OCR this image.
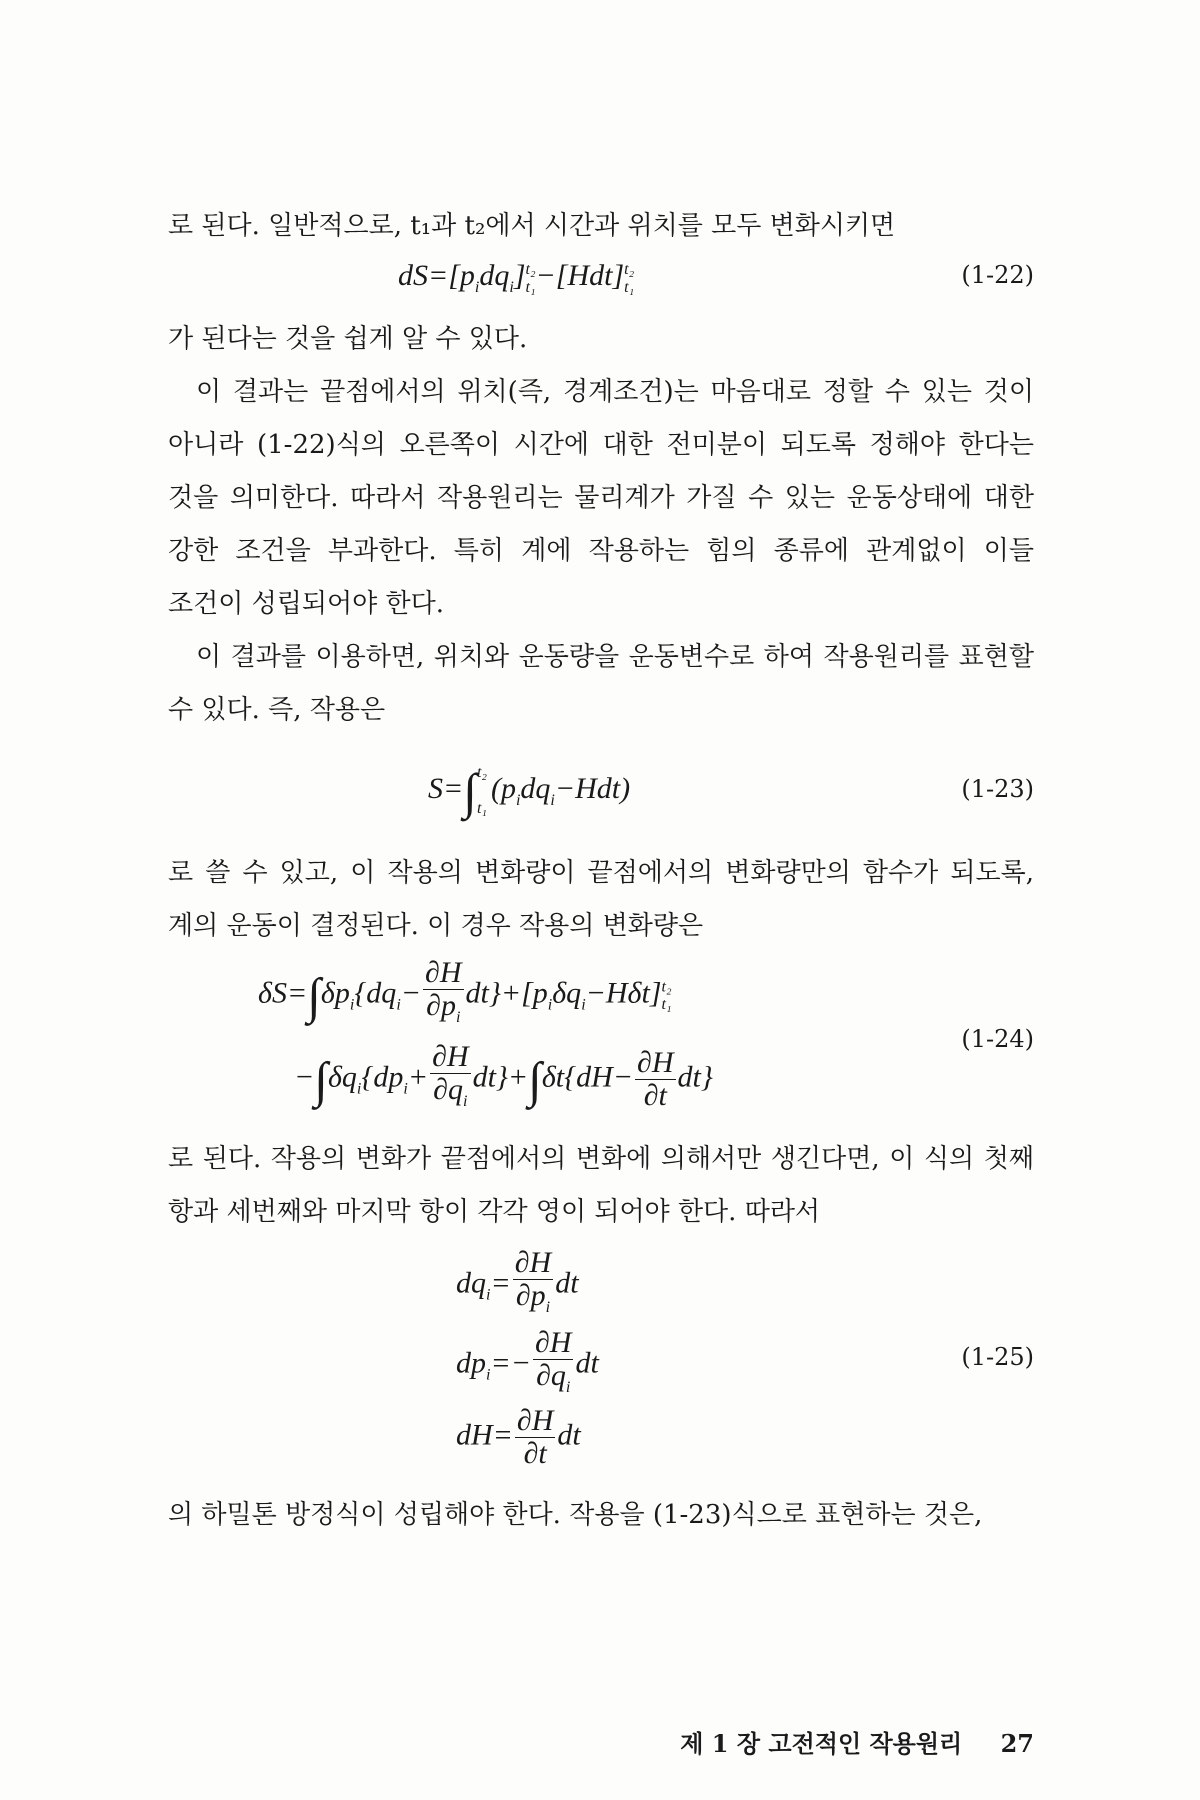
로 된다. 일반적으로, t₁과 t₂에서 시간과 위치를 모두 변화시키면

$dS=[p_idq_i]^{t_2}_{t_1}-[Hdt]^{t_2}_{t_1}$	(1-22)

가 된다는 것을 쉽게 알 수 있다.

이 결과는 끝점에서의 위치(즉, 경계조건)는 마음대로 정할 수 있는 것이 아니라 (1-22)식의 오른쪽이 시간에 대한 전미분이 되도록 정해야 한다는 것을 의미한다. 따라서 작용원리는 물리계가 가질 수 있는 운동상태에 대한 강한 조건을 부과한다. 특히 계에 작용하는 힘의 종류에 관계없이 이들 조건이 성립되어야 한다.

이 결과를 이용하면, 위치와 운동량을 운동변수로 하여 작용원리를 표현할 수 있다. 즉, 작용은

S=∫ t₂
t₁
$(p_idq_i-Hdt)$	(1-23)

로 쓸 수 있고, 이 작용의 변화량이 끝점에서의 변화량만의 함수가 되도록, 계의 운동이 결정된다. 이 경우 작용의 변화량은

$\delta S=\int\delta p_i\{dq_i- \frac{\partial H}{\partial p_i} dt\}+[p_i\delta q_i-H\delta t]^{t_2}_{t_1}$
$-\int\delta q_i\{dp_i+ \frac{\partial H}{\partial q_i} dt\}+\int\delta t\{dH- \frac{\partial H}{\partial t} dt\}$
(1-24)

로 된다. 작용의 변화가 끝점에서의 변화에 의해서만 생긴다면, 이 식의 첫째 항과 세번째와 마지막 항이 각각 영이 되어야 한다. 따라서

$dq_i= \frac{\partial H}{\partial p_i}$ dt
$dp_i=- \frac{\partial H}{\partial q_i}$ dt
$dH= \frac{\partial H}{\partial t}$ dt
(1-25)

의 하밀톤 방정식이 성립해야 한다. 작용을 (1-23)식으로 표현하는 것은,

제 1 장 고전적인 작용원리 27
